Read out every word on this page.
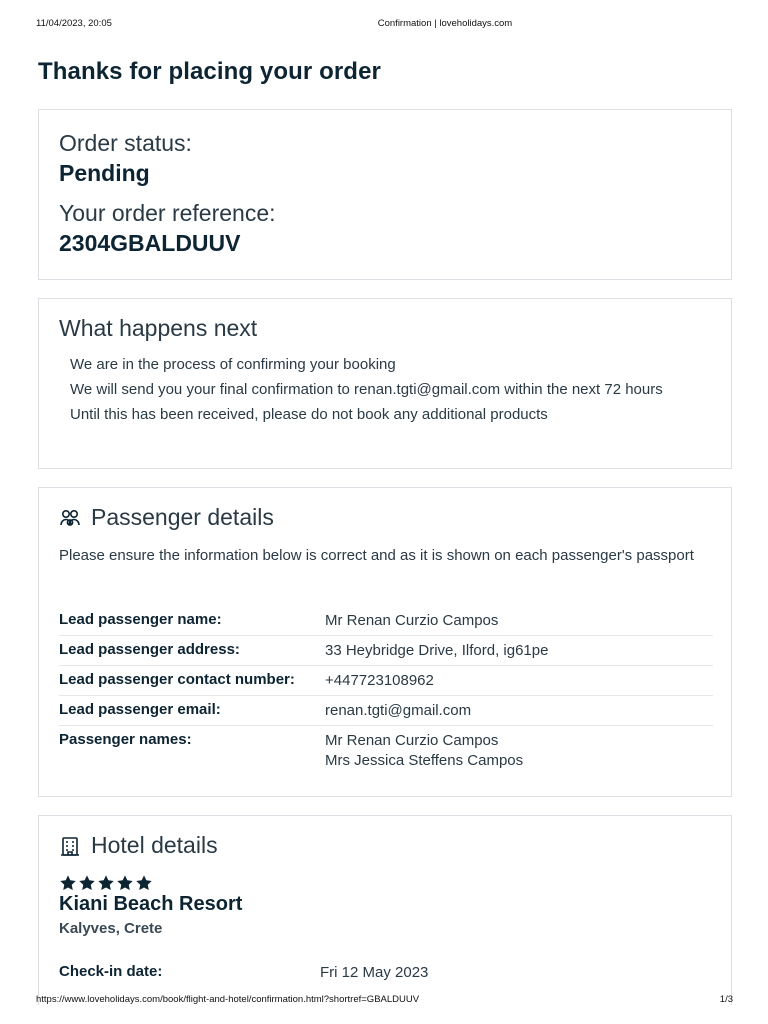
11/04/2023, 20:05	Confirmation | loveholidays.com
Thanks for placing your order
Order status:
Pending
Your order reference:
2304GBALDUUV
What happens next
We are in the process of confirming your booking
We will send you your final confirmation to renan.tgti@gmail.com within the next 72 hours
Until this has been received, please do not book any additional products
Passenger details

Please ensure the information below is correct and as it is shown on each passenger's passport

Lead passenger name:	Mr Renan Curzio Campos
Lead passenger address:	33 Heybridge Drive, Ilford, ig61pe
Lead passenger contact number: +447723108962
Lead passenger email:	renan.tgti@gmail.com
Passenger names:	Mr Renan Curzio Campos
Mrs Jessica Steffens Campos
Hotel details
Kiani Beach Resort
Kalyves, Crete
Check-in date:	Fri 12 May 2023
https://www.loveholidays.com/book/flight-and-hotel/confirmation.html?shortref=GBALDUUV	1/3
